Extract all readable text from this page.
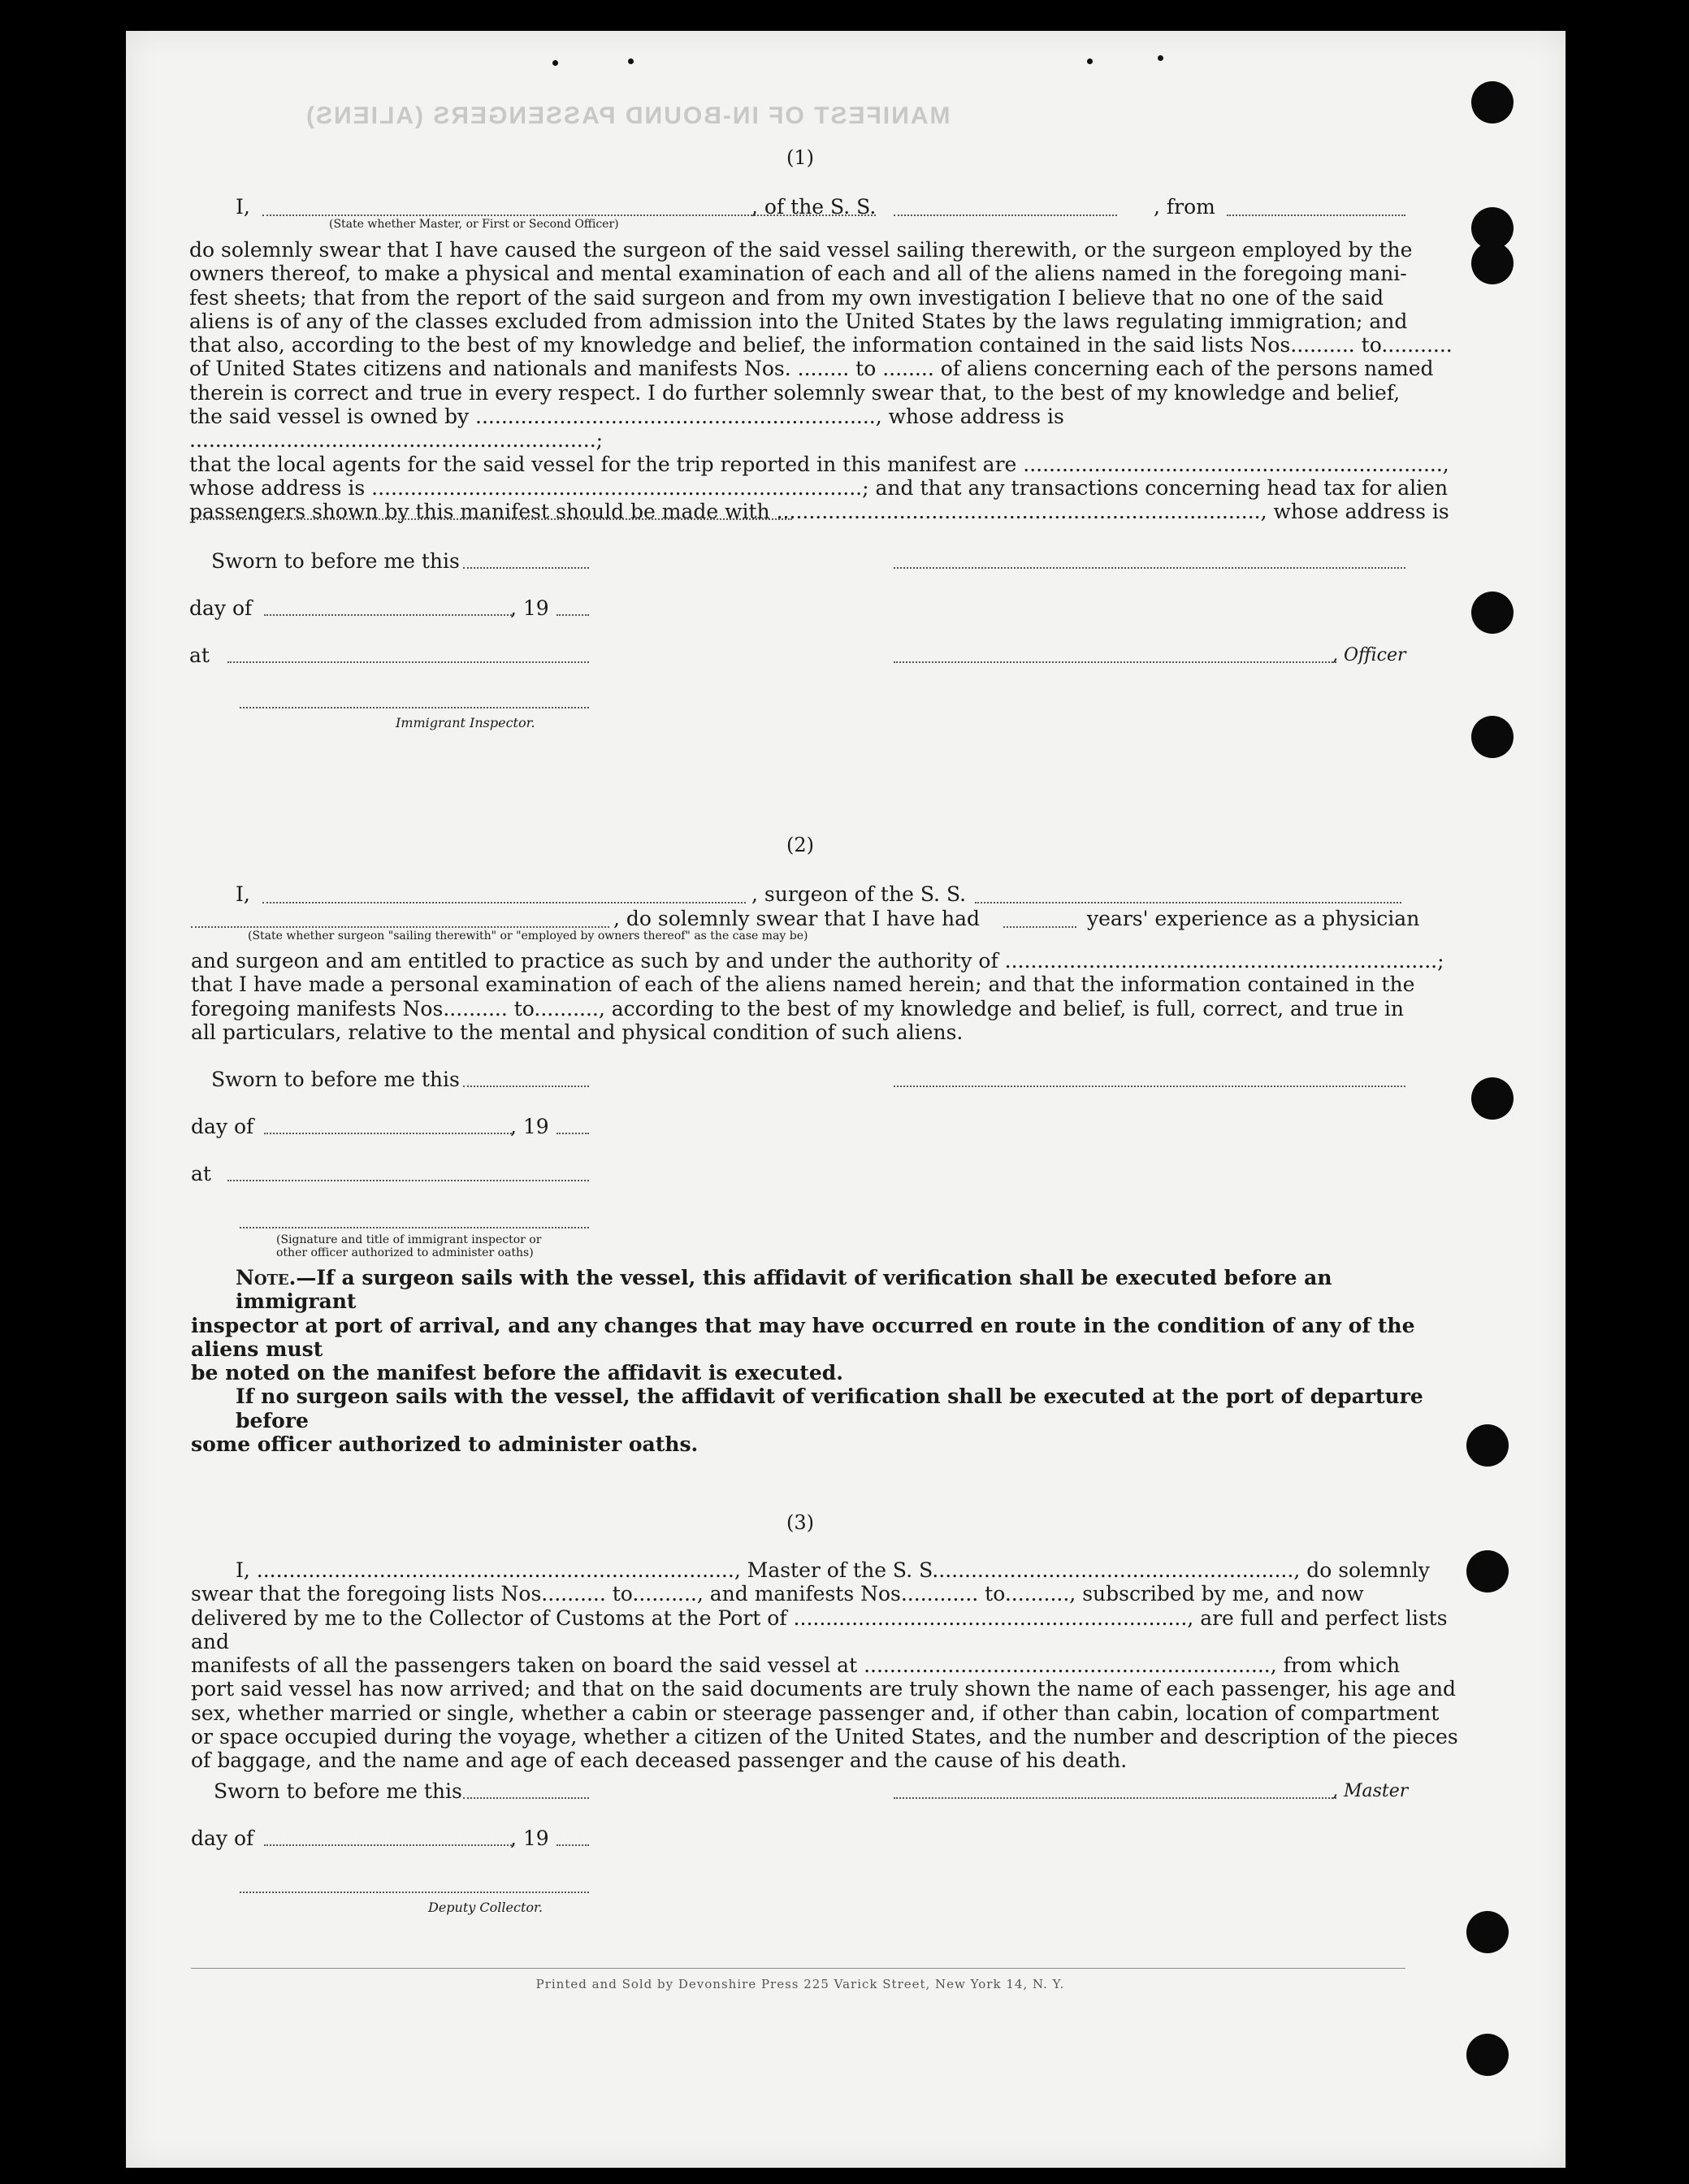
MANIFEST OF IN-BOUND PASSENGERS (ALIENS)
(1)
I,	, of the S. S.	, from
(State whether Master, or First or Second Officer)
do solemnly swear that I have caused the surgeon of the said vessel sailing therewith, or the surgeon employed by the
owners thereof, to make a physical and mental examination of each and all of the aliens named in the foregoing mani-
fest sheets; that from the report of the said surgeon and from my own investigation I believe that no one of the said
aliens is of any of the classes excluded from admission into the United States by the laws regulating immigration; and
that also, according to the best of my knowledge and belief, the information contained in the said lists Nos.......... to...........
of United States citizens and nationals and manifests Nos. ........ to ........ of aliens concerning each of the persons named
therein is correct and true in every respect. I do further solemnly swear that, to the best of my knowledge and belief,
the said vessel is owned by .............................................................., whose address is ...............................................................;
that the local agents for the said vessel for the trip reported in this manifest are .................................................................,
whose address is ............................................................................; and that any transactions concerning head tax for alien
passengers shown by this manifest should be made with ..........................................................................., whose address is
Sworn to before me this
day of	, 19
at	, Officer
Immigrant Inspector.
(2)
I,	, surgeon of the S. S.
, do solemnly swear that I have had	years' experience as a physician
(State whether surgeon "sailing therewith" or "employed by owners thereof" as the case may be)
and surgeon and am entitled to practice as such by and under the authority of ...................................................................;
that I have made a personal examination of each of the aliens named herein; and that the information contained in the
foregoing manifests Nos.......... to.........., according to the best of my knowledge and belief, is full, correct, and true in
all particulars, relative to the mental and physical condition of such aliens.
Sworn to before me this
day of	, 19
at
(Signature and title of immigrant inspector or
other officer authorized to administer oaths)
Note.—If a surgeon sails with the vessel, this affidavit of verification shall be executed before an immigrant
inspector at port of arrival, and any changes that may have occurred en route in the condition of any of the aliens must
be noted on the manifest before the affidavit is executed.
If no surgeon sails with the vessel, the affidavit of verification shall be executed at the port of departure before
some officer authorized to administer oaths.
(3)
I, .........................................................................., Master of the S. S........................................................, do solemnly
swear that the foregoing lists Nos.......... to.........., and manifests Nos............ to.........., subscribed by me, and now
delivered by me to the Collector of Customs at the Port of ............................................................., are full and perfect lists and
manifests of all the passengers taken on board the said vessel at ..............................................................., from which
port said vessel has now arrived; and that on the said documents are truly shown the name of each passenger, his age and
sex, whether married or single, whether a cabin or steerage passenger and, if other than cabin, location of compartment
or space occupied during the voyage, whether a citizen of the United States, and the number and description of the pieces
of baggage, and the name and age of each deceased passenger and the cause of his death.
Sworn to before me this	, Master
day of	, 19
Deputy Collector.
Printed and Sold by Devonshire Press 225 Varick Street, New York 14, N. Y.
